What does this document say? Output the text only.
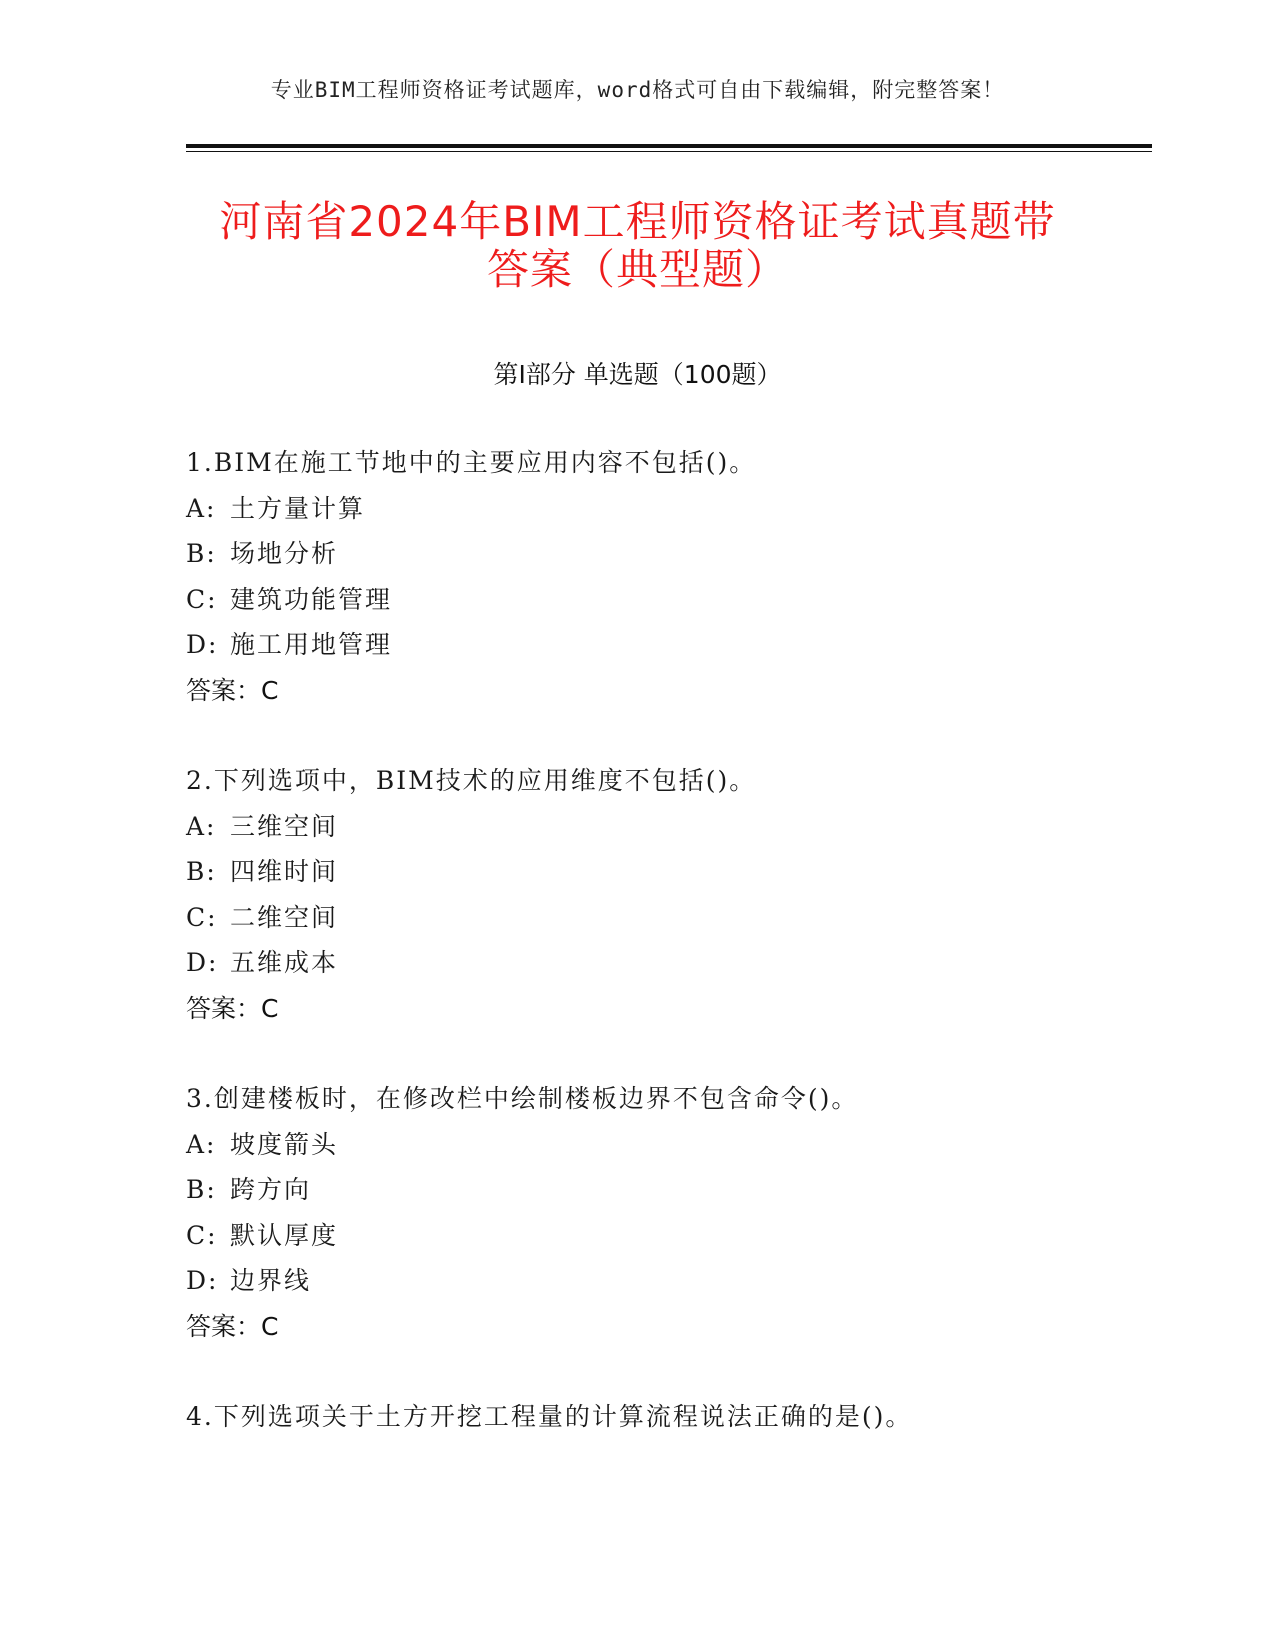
专业BIM工程师资格证考试题库，word格式可自由下载编辑，附完整答案！
河南省2024年BIM工程师资格证考试真题带
答案（典型题）
第Ⅰ部分 单选题（100题）
1.BIM在施工节地中的主要应用内容不包括()。
A: 土方量计算
B: 场地分析
C: 建筑功能管理
D: 施工用地管理
答案：C
2.下列选项中，BIM技术的应用维度不包括()。
A: 三维空间
B: 四维时间
C: 二维空间
D: 五维成本
答案：C
3.创建楼板时，在修改栏中绘制楼板边界不包含命令()。
A: 坡度箭头
B: 跨方向
C: 默认厚度
D: 边界线
答案：C
4.下列选项关于土方开挖工程量的计算流程说法正确的是()。
